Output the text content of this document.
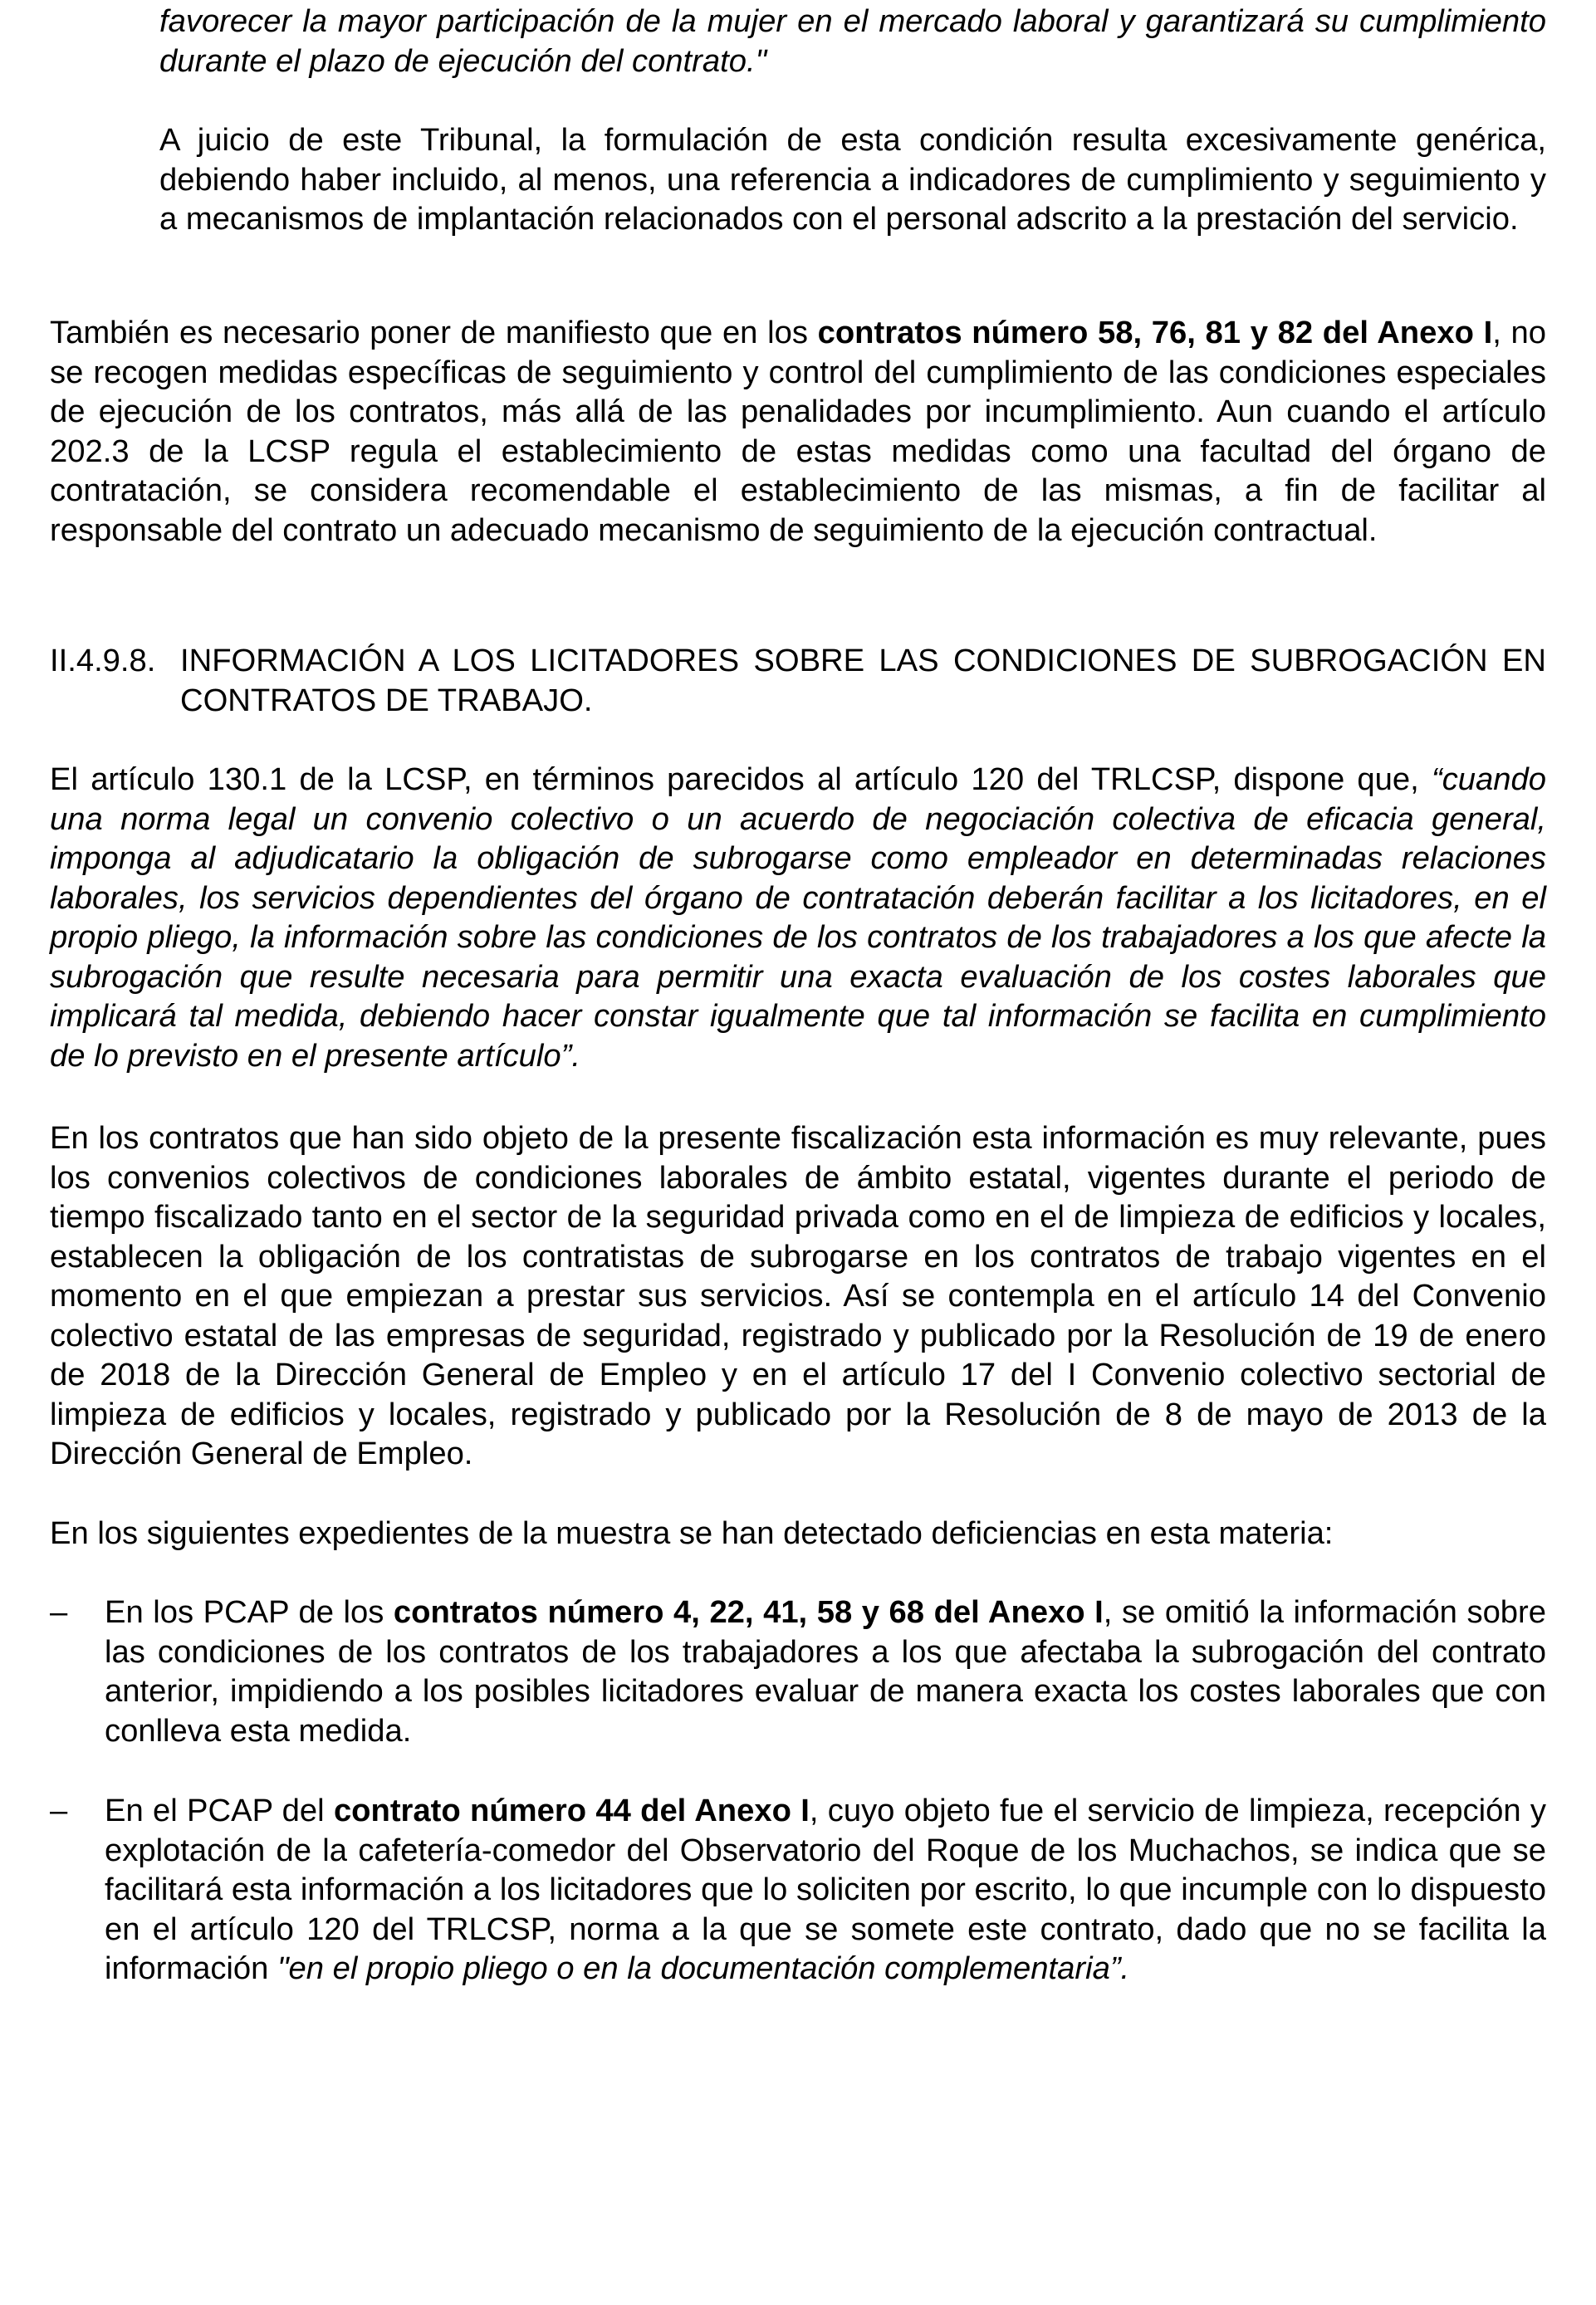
favorecer la mayor participación de la mujer en el mercado laboral y garantizará su cumplimiento durante el plazo de ejecución del contrato."

A juicio de este Tribunal, la formulación de esta condición resulta excesivamente genérica, debiendo haber incluido, al menos, una referencia a indicadores de cumplimiento y seguimiento y a mecanismos de implantación relacionados con el personal adscrito a la prestación del servicio.

También es necesario poner de manifiesto que en los contratos número 58, 76, 81 y 82 del Anexo I, no se recogen medidas específicas de seguimiento y control del cumplimiento de las condiciones especiales de ejecución de los contratos, más allá de las penalidades por incumplimiento. Aun cuando el artículo 202.3 de la LCSP regula el establecimiento de estas medidas como una facultad del órgano de contratación, se considera recomendable el establecimiento de las mismas, a fin de facilitar al responsable del contrato un adecuado mecanismo de seguimiento de la ejecución contractual.

II.4.9.8. INFORMACIÓN A LOS LICITADORES SOBRE LAS CONDICIONES DE SUBROGACIÓN EN CONTRATOS DE TRABAJO.

El artículo 130.1 de la LCSP, en términos parecidos al artículo 120 del TRLCSP, dispone que, “cuando una norma legal un convenio colectivo o un acuerdo de negociación colectiva de eficacia general, imponga al adjudicatario la obligación de subrogarse como empleador en determinadas relaciones laborales, los servicios dependientes del órgano de contratación deberán facilitar a los licitadores, en el propio pliego, la información sobre las condiciones de los contratos de los trabajadores a los que afecte la subrogación que resulte necesaria para permitir una exacta evaluación de los costes laborales que implicará tal medida, debiendo hacer constar igualmente que tal información se facilita en cumplimiento de lo previsto en el presente artículo”.

En los contratos que han sido objeto de la presente fiscalización esta información es muy relevante, pues los convenios colectivos de condiciones laborales de ámbito estatal, vigentes durante el periodo de tiempo fiscalizado tanto en el sector de la seguridad privada como en el de limpieza de edificios y locales, establecen la obligación de los contratistas de subrogarse en los contratos de trabajo vigentes en el momento en el que empiezan a prestar sus servicios. Así se contempla en el artículo 14 del Convenio colectivo estatal de las empresas de seguridad, registrado y publicado por la Resolución de 19 de enero de 2018 de la Dirección General de Empleo y en el artículo 17 del I Convenio colectivo sectorial de limpieza de edificios y locales, registrado y publicado por la Resolución de 8 de mayo de 2013 de la Dirección General de Empleo.

En los siguientes expedientes de la muestra se han detectado deficiencias en esta materia:

–	En los PCAP de los contratos número 4, 22, 41, 58 y 68 del Anexo I, se omitió la información sobre las condiciones de los contratos de los trabajadores a los que afectaba la subrogación del contrato anterior, impidiendo a los posibles licitadores evaluar de manera exacta los costes laborales que con conlleva esta medida.

–	En el PCAP del contrato número 44 del Anexo I, cuyo objeto fue el servicio de limpieza, recepción y explotación de la cafetería-comedor del Observatorio del Roque de los Muchachos, se indica que se facilitará esta información a los licitadores que lo soliciten por escrito, lo que incumple con lo dispuesto en el artículo 120 del TRLCSP, norma a la que se somete este contrato, dado que no se facilita la información "en el propio pliego o en la documentación complementaria”.
